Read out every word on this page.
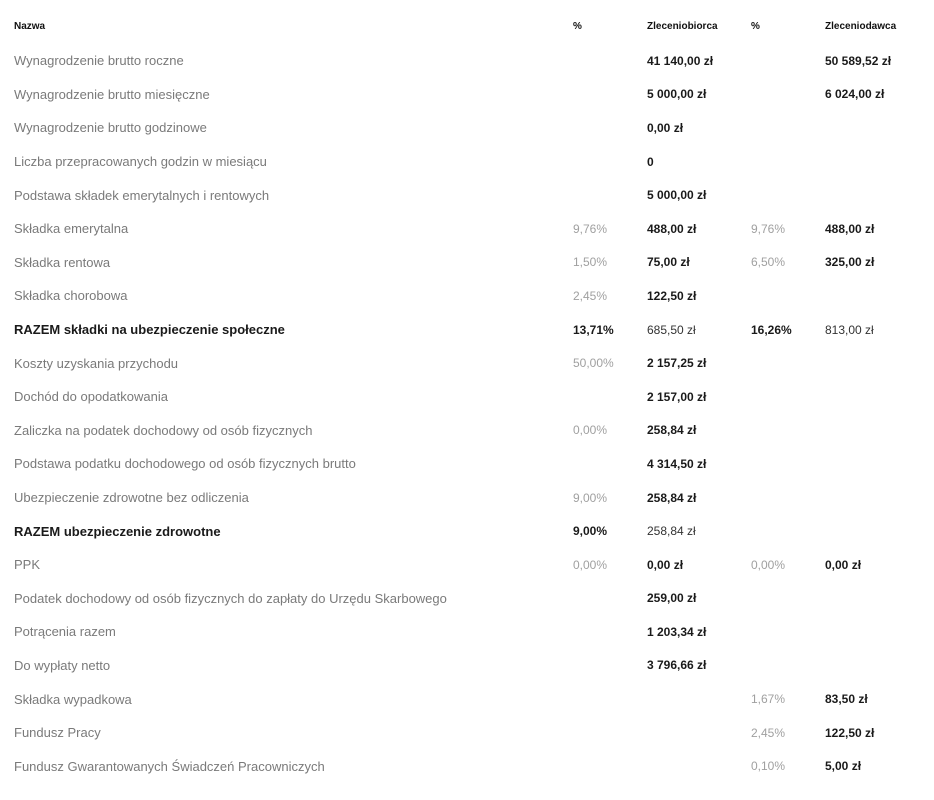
Nazwa	%	Zleceniobiorca	%	Zleceniodawca
Wynagrodzenie brutto roczne		41 140,00 zł		50 589,52 zł
Wynagrodzenie brutto miesięczne		5 000,00 zł		6 024,00 zł
Wynagrodzenie brutto godzinowe		0,00 zł		
Liczba przepracowanych godzin w miesiącu		0		
Podstawa składek emerytalnych i rentowych		5 000,00 zł		
Składka emerytalna	9,76%	488,00 zł	9,76%	488,00 zł
Składka rentowa	1,50%	75,00 zł	6,50%	325,00 zł
Składka chorobowa	2,45%	122,50 zł		
RAZEM składki na ubezpieczenie społeczne	13,71%	685,50 zł	16,26%	813,00 zł
Koszty uzyskania przychodu	50,00%	2 157,25 zł		
Dochód do opodatkowania		2 157,00 zł		
Zaliczka na podatek dochodowy od osób fizycznych	0,00%	258,84 zł		
Podstawa podatku dochodowego od osób fizycznych brutto		4 314,50 zł		
Ubezpieczenie zdrowotne bez odliczenia	9,00%	258,84 zł		
RAZEM ubezpieczenie zdrowotne	9,00%	258,84 zł		
PPK	0,00%	0,00 zł	0,00%	0,00 zł
Podatek dochodowy od osób fizycznych do zapłaty do Urzędu Skarbowego		259,00 zł		
Potrącenia razem		1 203,34 zł		
Do wypłaty netto		3 796,66 zł		
Składka wypadkowa			1,67%	83,50 zł
Fundusz Pracy			2,45%	122,50 zł
Fundusz Gwarantowanych Świadczeń Pracowniczych			0,10%	5,00 zł
